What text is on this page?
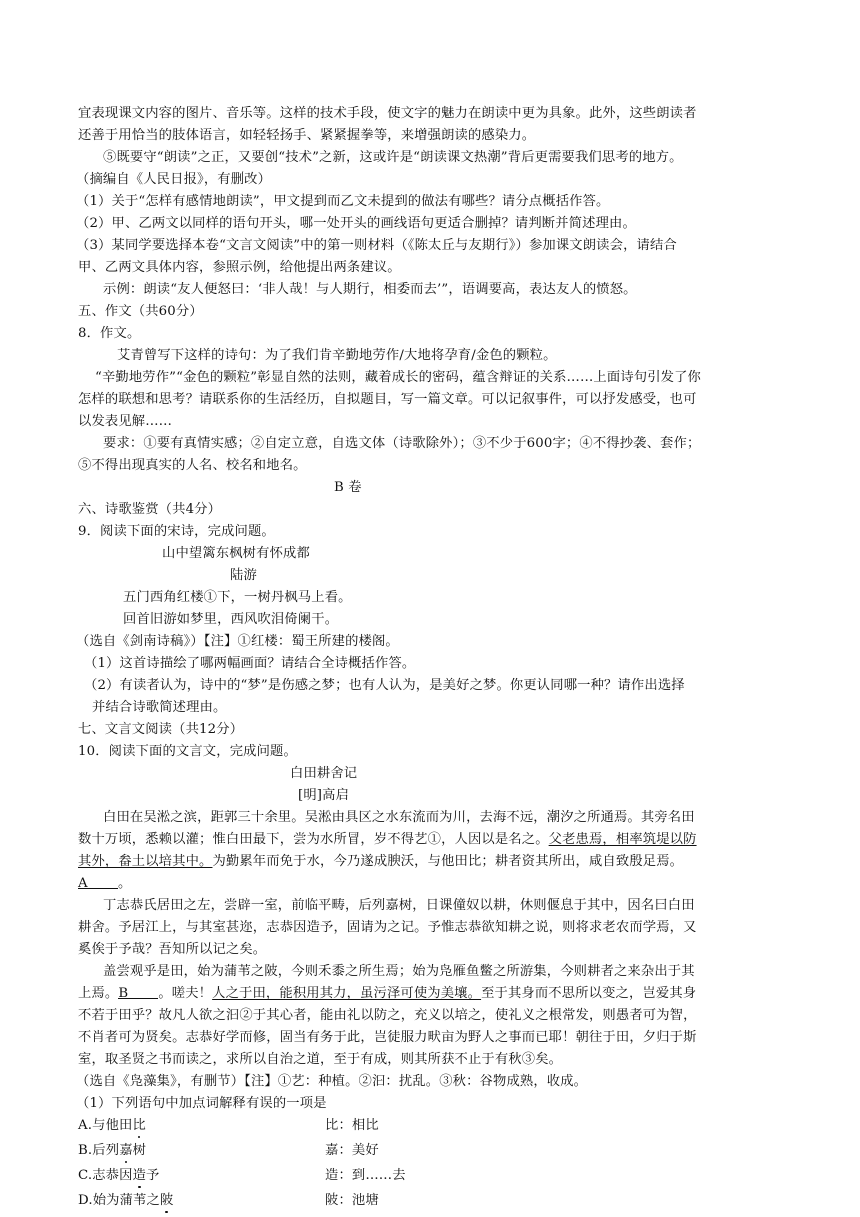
宜表现课文内容的图片、音乐等。这样的技术手段，使文字的魅力在朗读中更为具象。此外，这些朗读者
还善于用恰当的肢体语言，如轻轻扬手、紧紧握拳等，来增强朗读的感染力。
⑤既要守“朗读”之正，又要创“技术”之新，这或许是“朗读课文热潮”背后更需要我们思考的地方。
（摘编自《人民日报》，有删改）
（1）关于“怎样有感情地朗读”，甲文提到而乙文未提到的做法有哪些？请分点概括作答。
（2）甲、乙两文以同样的语句开头，哪一处开头的画线语句更适合删掉？请判断并简述理由。
（3）某同学要选择本卷“文言文阅读”中的第一则材料（《陈太丘与友期行》）参加课文朗读会，请结合
甲、乙两文具体内容，参照示例，给他提出两条建议。
示例：朗读“友人便怒曰：‘非人哉！与人期行，相委而去’”，语调要高，表达友人的愤怒。
五、作文（共60分）
8．作文。
艾青曾写下这样的诗句：为了我们肯辛勤地劳作/大地将孕育/金色的颗粒。
“辛勤地劳作”“金色的颗粒”彰显自然的法则，藏着成长的密码，蕴含辩证的关系……上面诗句引发了你
怎样的联想和思考？请联系你的生活经历，自拟题目，写一篇文章。可以记叙事件，可以抒发感受，也可
以发表见解……
要求：①要有真情实感；②自定立意，自选文体（诗歌除外）；③不少于600字；④不得抄袭、套作；
⑤不得出现真实的人名、校名和地名。
B 卷
六、诗歌鉴赏（共4分）
9．阅读下面的宋诗，完成问题。
山中望篱东枫树有怀成都
陆游
五门西角红楼①下，一树丹枫马上看。
回首旧游如梦里，西风吹泪倚阑干。
（选自《剑南诗稿》）【注】①红楼：蜀王所建的楼阁。
（1）这首诗描绘了哪两幅画面？请结合全诗概括作答。
（2）有读者认为，诗中的“梦”是伤感之梦；也有人认为，是美好之梦。你更认同哪一种？请作出选择
并结合诗歌简述理由。
七、文言文阅读（共12分）
10．阅读下面的文言文，完成问题。
白田耕舍记
[明]高启
白田在吴淞之滨，距郭三十余里。吴淞由具区之水东流而为川，去海不远，潮汐之所通焉。其旁名田
数十万顷，悉赖以灌；惟白田最下，尝为水所冒，岁不得艺①，人因以是名之。父老患焉，相率筑堤以防
其外，畚土以培其中。为勤累年而免于水，今乃遂成腴沃，与他田比；耕者资其所出，咸自致殷足焉。
A 。
丁志恭氏居田之左，尝辟一室，前临平畴，后列嘉树，日课僮奴以耕，休则偃息于其中，因名曰白田
耕舍。予居江上，与其室甚迩，志恭因造予，固请为之记。予惟志恭欲知耕之说，则将求老农而学焉，又
奚俟于予哉？吾知所以记之矣。
盖尝观乎是田，始为蒲苇之陂，今则禾黍之所生焉；始为凫雁鱼鳖之所游集，今则耕者之来杂出于其
上焉。B 。嗟夫！人之于田，能积用其力，虽污泽可使为美壤。至于其身而不思所以变之，岂爱其身
不若于田乎？故凡人欲之汩②于其心者，能由礼以防之，充义以培之，使礼义之根常发，则愚者可为智，
不肖者可为贤矣。志恭好学而修，固当有务于此，岂徒服力畎亩为野人之事而已耶！朝往于田，夕归于斯
室，取圣贤之书而读之，求所以自治之道，至于有成，则其所获不止于有秋③矣。
（选自《凫藻集》，有删节）【注】①艺：种植。②汩：扰乱。③秋：谷物成熟，收成。
（1）下列语句中加点词解释有误的一项是
A.与他田比	比：相比
B.后列嘉树	嘉：美好
C.志恭因造予	造：到……去
D.始为蒲苇之陂	陂：池塘
